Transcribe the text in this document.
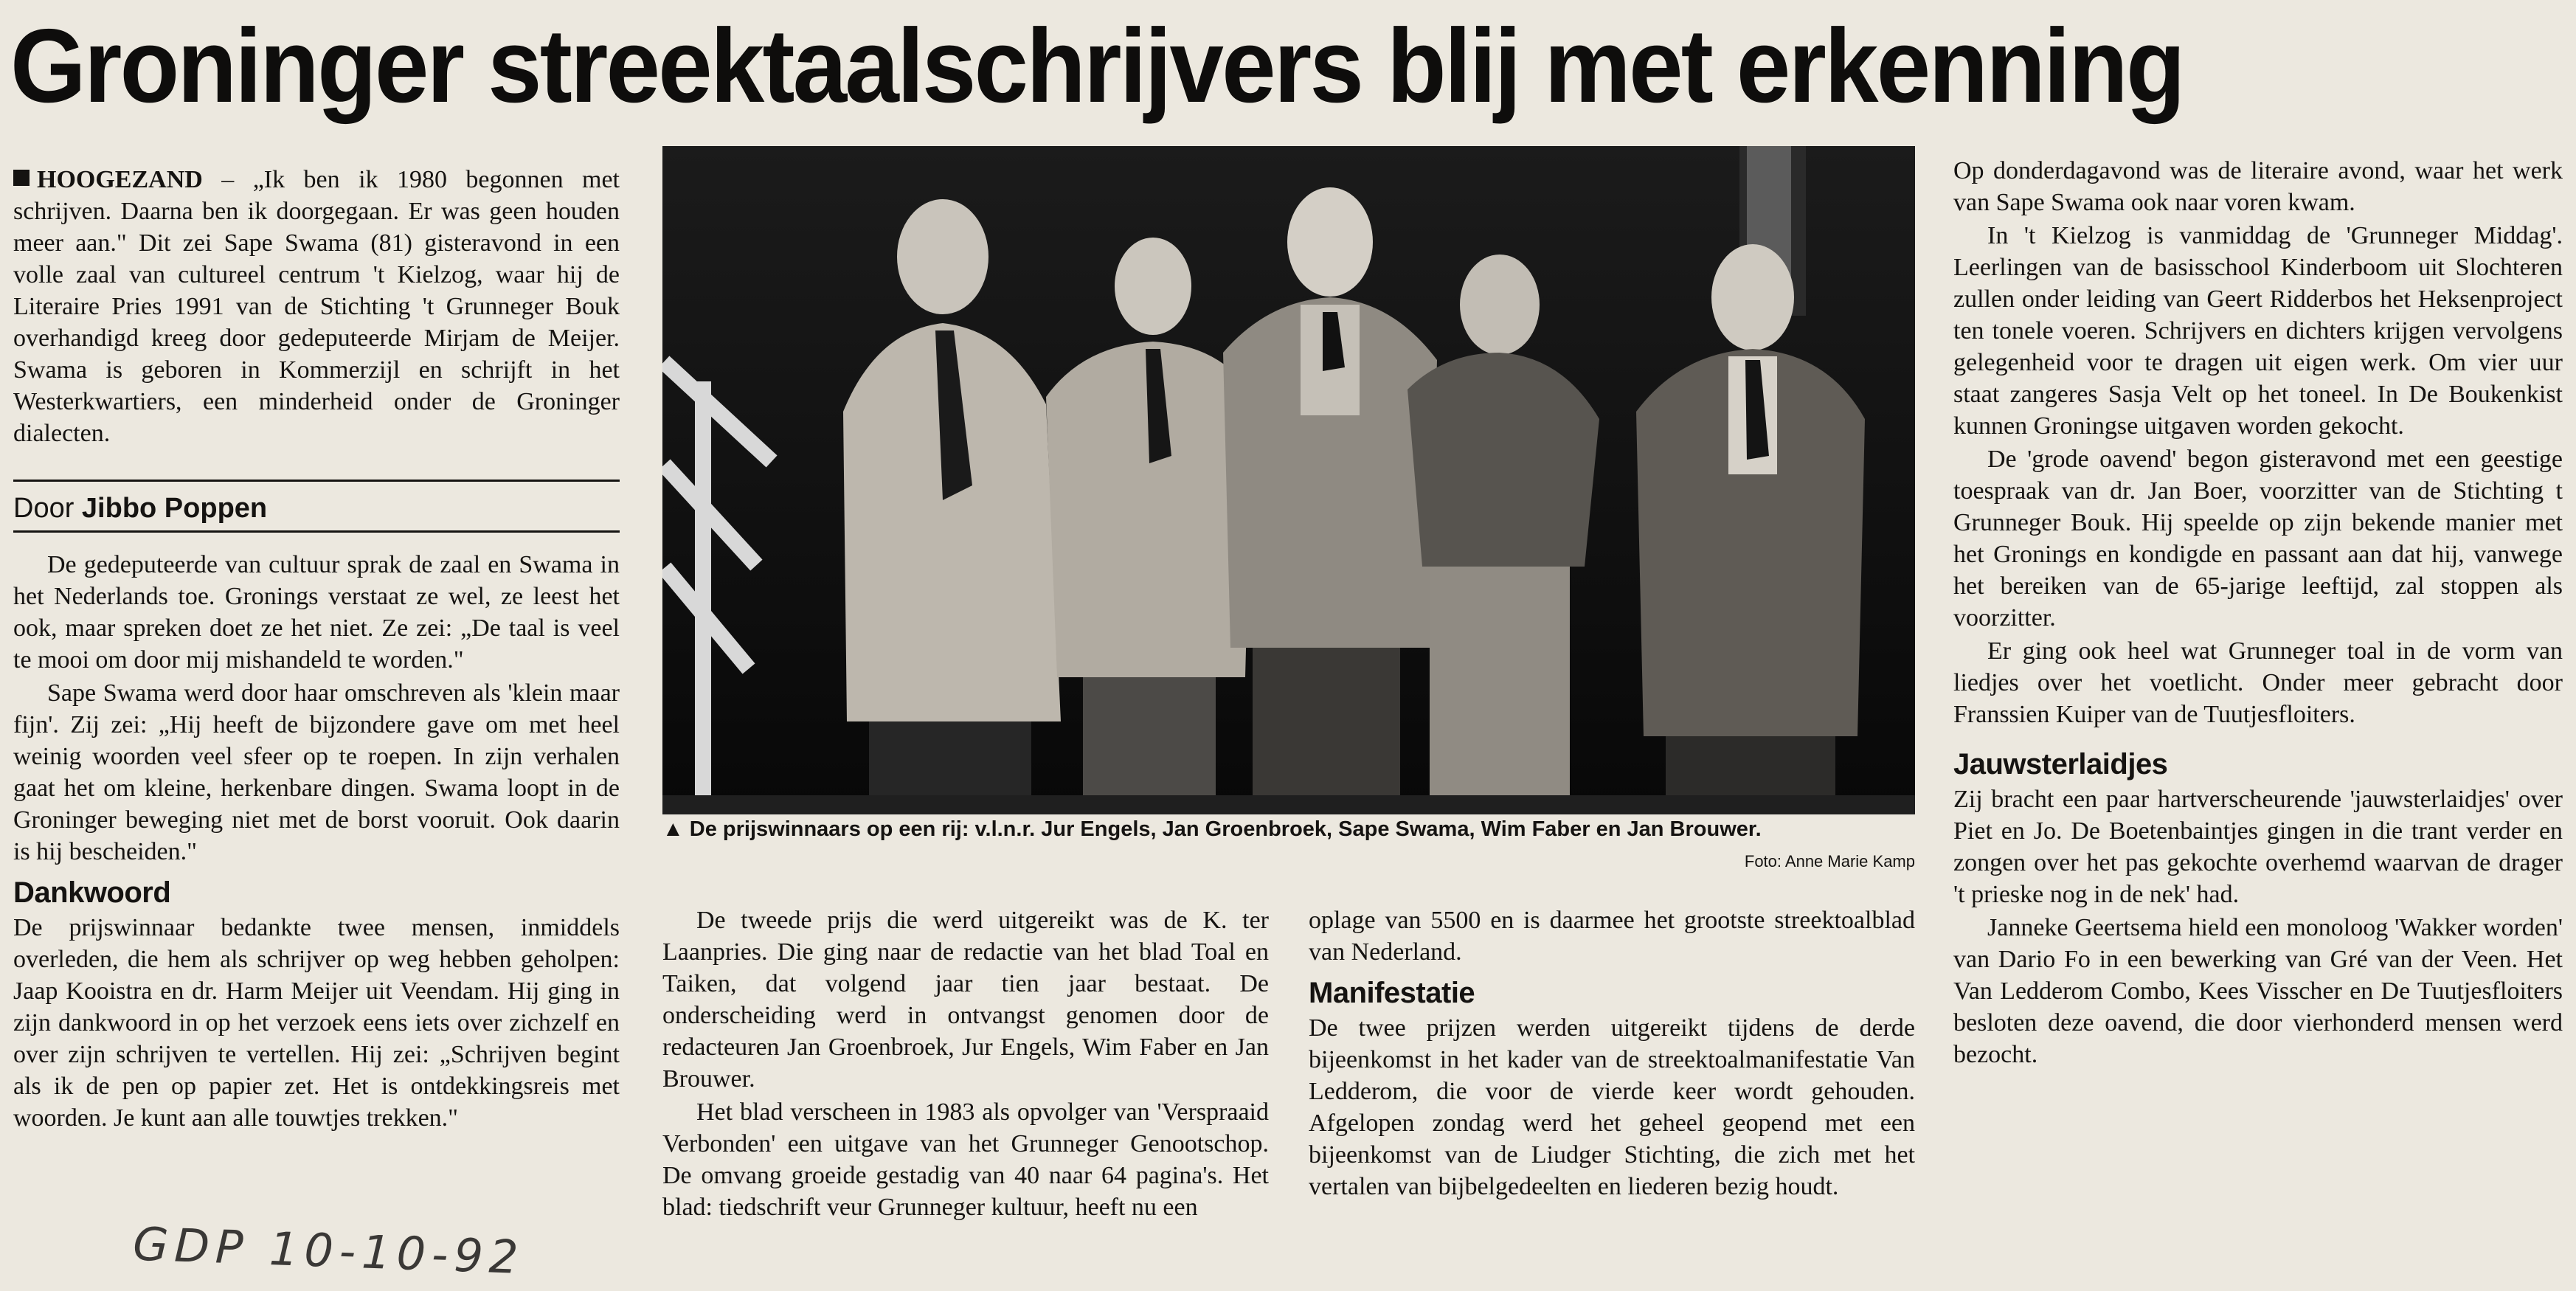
Groninger streektaalschrijvers blij met erkenning

HOOGEZAND – „Ik ben ik 1980 begonnen met schrijven. Daarna ben ik doorgegaan. Er was geen houden meer aan." Dit zei Sape Swama (81) gisteravond in een volle zaal van cultureel centrum 't Kielzog, waar hij de Literaire Pries 1991 van de Stichting 't Grunneger Bouk overhandigd kreeg door gedeputeerde Mirjam de Meijer. Swama is geboren in Kommerzijl en schrijft in het Westerkwartiers, een minderheid onder de Groninger dialecten.

Door Jibbo Poppen

De gedeputeerde van cultuur sprak de zaal en Swama in het Nederlands toe. Gronings verstaat ze wel, ze leest het ook, maar spreken doet ze het niet. Ze zei: „De taal is veel te mooi om door mij mishandeld te worden."

Sape Swama werd door haar omschreven als 'klein maar fijn'. Zij zei: „Hij heeft de bijzondere gave om met heel weinig woorden veel sfeer op te roepen. In zijn verhalen gaat het om kleine, herkenbare dingen. Swama loopt in de Groninger beweging niet met de borst vooruit. Ook daarin is hij bescheiden."

Dankwoord

De prijswinnaar bedankte twee mensen, inmiddels overleden, die hem als schrijver op weg hebben geholpen: Jaap Kooistra en dr. Harm Meijer uit Veendam. Hij ging in zijn dankwoord in op het verzoek eens iets over zichzelf en over zijn schrijven te vertellen. Hij zei: „Schrijven begint als ik de pen op papier zet. Het is ontdekkingsreis met woorden. Je kunt aan alle touwtjes trekken."

▲ De prijswinnaars op een rij: v.l.n.r. Jur Engels, Jan Groenbroek, Sape Swama, Wim Faber en Jan Brouwer.
Foto: Anne Marie Kamp

De tweede prijs die werd uitgereikt was de K. ter Laanpries. Die ging naar de redactie van het blad Toal en Taiken, dat volgend jaar tien jaar bestaat. De onderscheiding werd in ontvangst genomen door de redacteuren Jan Groenbroek, Jur Engels, Wim Faber en Jan Brouwer.

Het blad verscheen in 1983 als opvolger van 'Verspraaid Verbonden' een uitgave van het Grunneger Genootschop. De omvang groeide gestadig van 40 naar 64 pagina's. Het blad: tiedschrift veur Grunneger kultuur, heeft nu een

oplage van 5500 en is daarmee het grootste streektoalblad van Nederland.

Manifestatie

De twee prijzen werden uitgereikt tijdens de derde bijeenkomst in het kader van de streektoalmanifestatie Van Ledderom, die voor de vierde keer wordt gehouden. Afgelopen zondag werd het geheel geopend met een bijeenkomst van de Liudger Stichting, die zich met het vertalen van bijbelgedeelten en liederen bezig houdt.

Op donderdagavond was de literaire avond, waar het werk van Sape Swama ook naar voren kwam.

In 't Kielzog is vanmiddag de 'Grunneger Middag'. Leerlingen van de basisschool Kinderboom uit Slochteren zullen onder leiding van Geert Ridderbos het Heksenproject ten tonele voeren. Schrijvers en dichters krijgen vervolgens gelegenheid voor te dragen uit eigen werk. Om vier uur staat zangeres Sasja Velt op het toneel. In De Boukenkist kunnen Groningse uitgaven worden gekocht.

De 'grode oavend' begon gisteravond met een geestige toespraak van dr. Jan Boer, voorzitter van de Stichting t Grunneger Bouk. Hij speelde op zijn bekende manier met het Gronings en kondigde en passant aan dat hij, vanwege het bereiken van de 65-jarige leeftijd, zal stoppen als voorzitter.

Er ging ook heel wat Grunneger toal in de vorm van liedjes over het voetlicht. Onder meer gebracht door Franssien Kuiper van de Tuutjesfloiters.

Jauwsterlaidjes

Zij bracht een paar hartverscheurende 'jauwsterlaidjes' over Piet en Jo. De Boetenbaintjes gingen in die trant verder en zongen over het pas gekochte overhemd waarvan de drager 't prieske nog in de nek' had.

Janneke Geertsema hield een monoloog 'Wakker worden' van Dario Fo in een bewerking van Gré van der Veen. Het Van Ledderom Combo, Kees Visscher en De Tuutjesfloiters besloten deze oavend, die door vierhonderd mensen werd bezocht.

GDP 10-10-92
